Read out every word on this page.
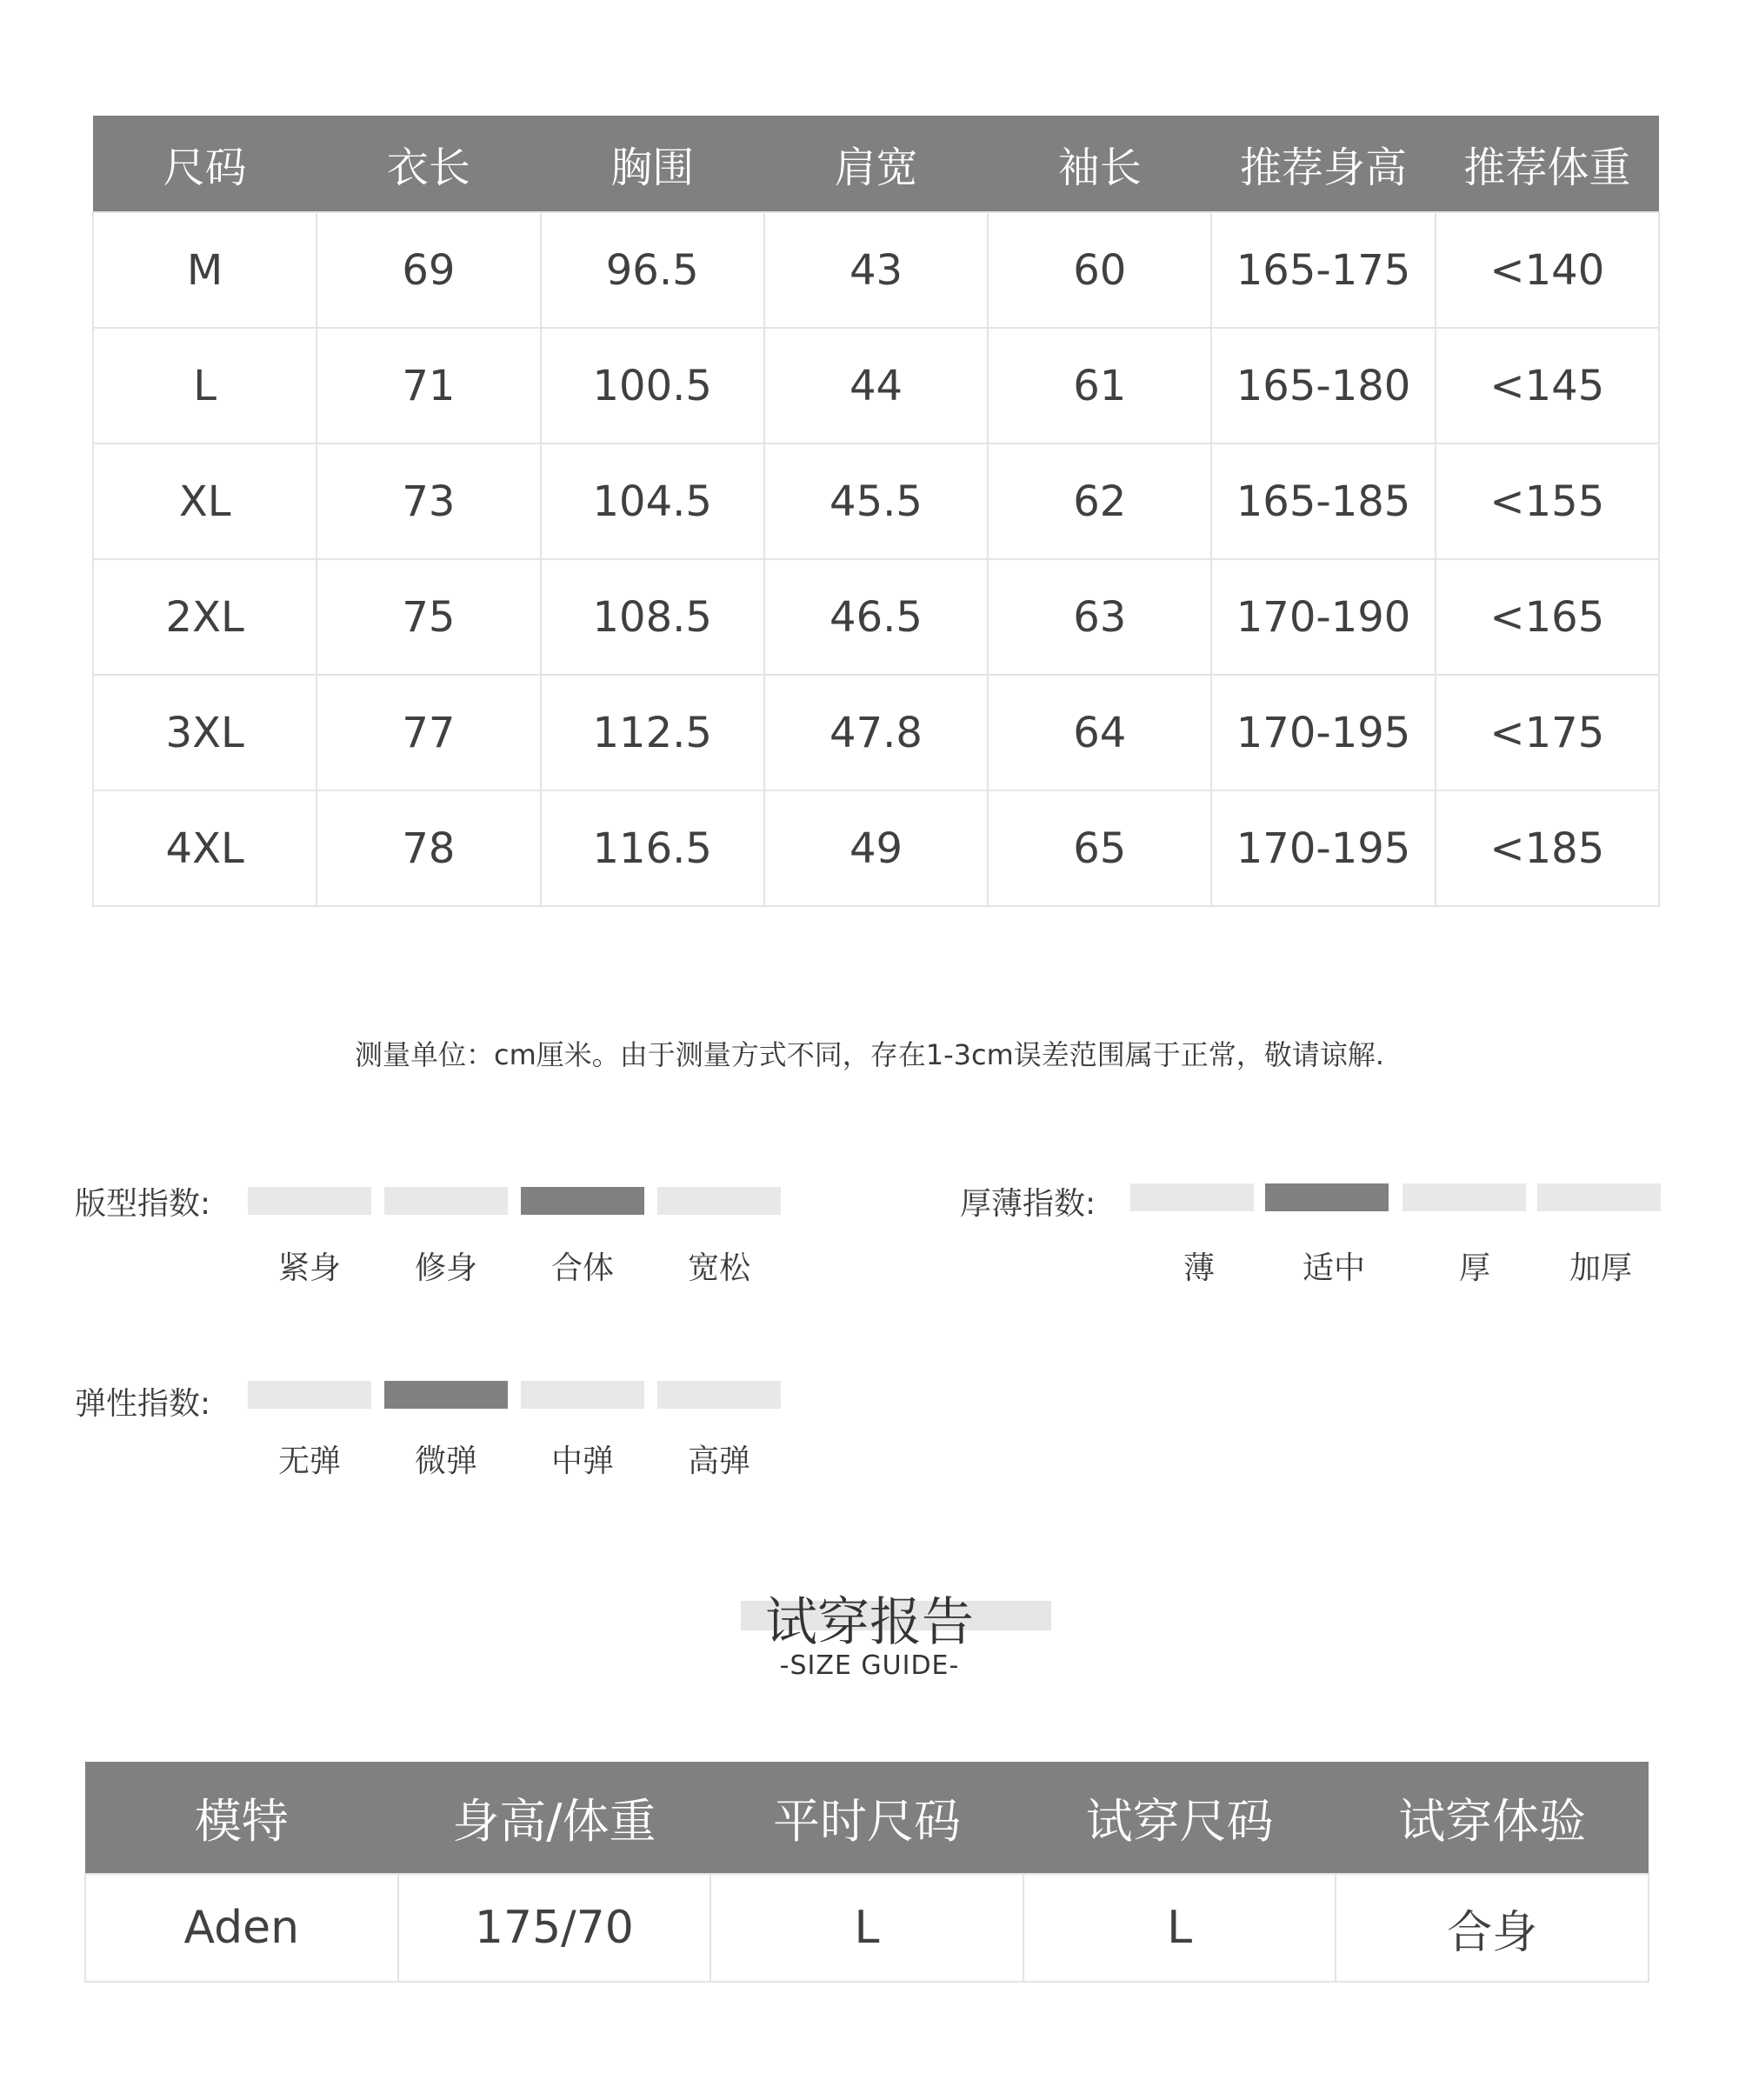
尺码	衣长	胸围	肩宽	袖长	推荐身高	推荐体重
M	69	96.5	43	60	165-175	<140
L	71	100.5	44	61	165-180	<145
XL	73	104.5	45.5	62	165-185	<155
2XL	75	108.5	46.5	63	170-190	<165
3XL	77	112.5	47.8	64	170-195	<175
4XL	78	116.5	49	65	170-195	<185
测量单位：cm厘米。由于测量方式不同，存在1-3cm误差范围属于正常，敬请谅解.
版型指数:
紧身	修身	合体	宽松
厚薄指数:
薄	适中	厚	加厚
弹性指数:
无弹	微弹	中弹	高弹
试穿报告
-SIZE GUIDE-
模特	身高/体重	平时尺码	试穿尺码	试穿体验
Aden	175/70	L	L	合身
